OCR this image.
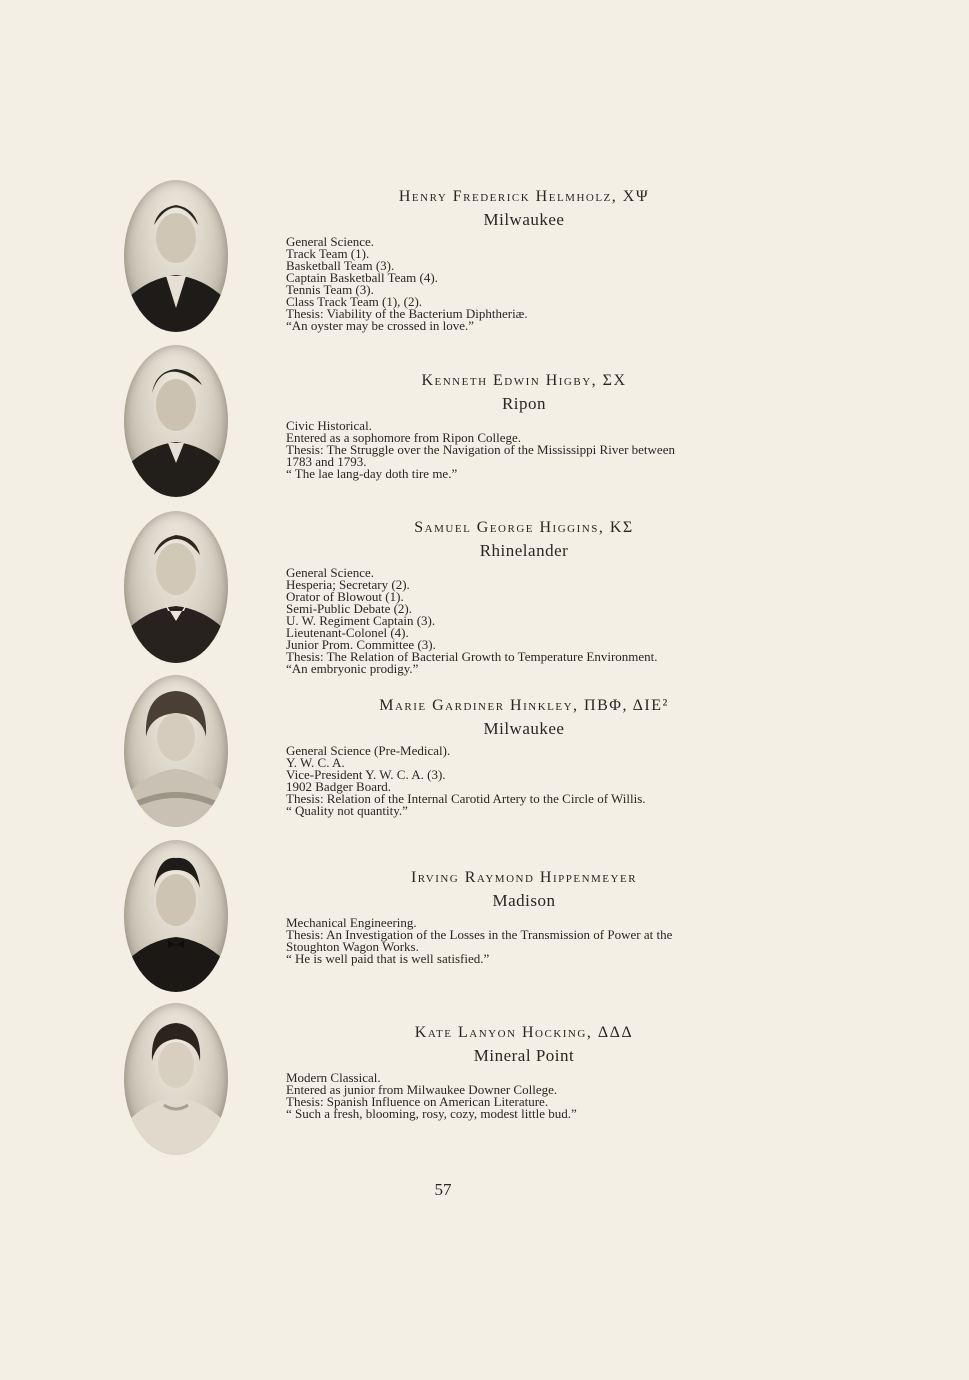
Henry Frederick Helmholz, XΨ

Milwaukee

General Science.
Track Team (1).
Basketball Team (3).
Captain Basketball Team (4).
Tennis Team (3).
Class Track Team (1), (2).
Thesis: Viability of the Bacterium Diphtheriæ.
“An oyster may be crossed in love.”

Kenneth Edwin Higby, ΣX

Ripon

Civic Historical.
Entered as a sophomore from Ripon College.
Thesis: The Struggle over the Navigation of the Mississippi River between
1783 and 1793.
“ The lae lang-day doth tire me.”

Samuel George Higgins, KΣ

Rhinelander

General Science.
Hesperia; Secretary (2).
Orator of Blowout (1).
Semi-Public Debate (2).
U. W. Regiment Captain (3).
Lieutenant-Colonel (4).
Junior Prom. Committee (3).
Thesis: The Relation of Bacterial Growth to Temperature Environment.
“An embryonic prodigy.”

Marie Gardiner Hinkley, ΠΒΦ, ΔΙΕ²

Milwaukee

General Science (Pre-Medical).
Y. W. C. A.
Vice-President Y. W. C. A. (3).
1902 Badger Board.
Thesis: Relation of the Internal Carotid Artery to the Circle of Willis.
“ Quality not quantity.”

Irving Raymond Hippenmeyer

Madison

Mechanical Engineering.
Thesis: An Investigation of the Losses in the Transmission of Power at the
Stoughton Wagon Works.
“ He is well paid that is well satisfied.”

Kate Lanyon Hocking, ΔΔΔ

Mineral Point

Modern Classical.
Entered as junior from Milwaukee Downer College.
Thesis: Spanish Influence on American Literature.
“ Such a fresh, blooming, rosy, cozy, modest little bud.”
57
